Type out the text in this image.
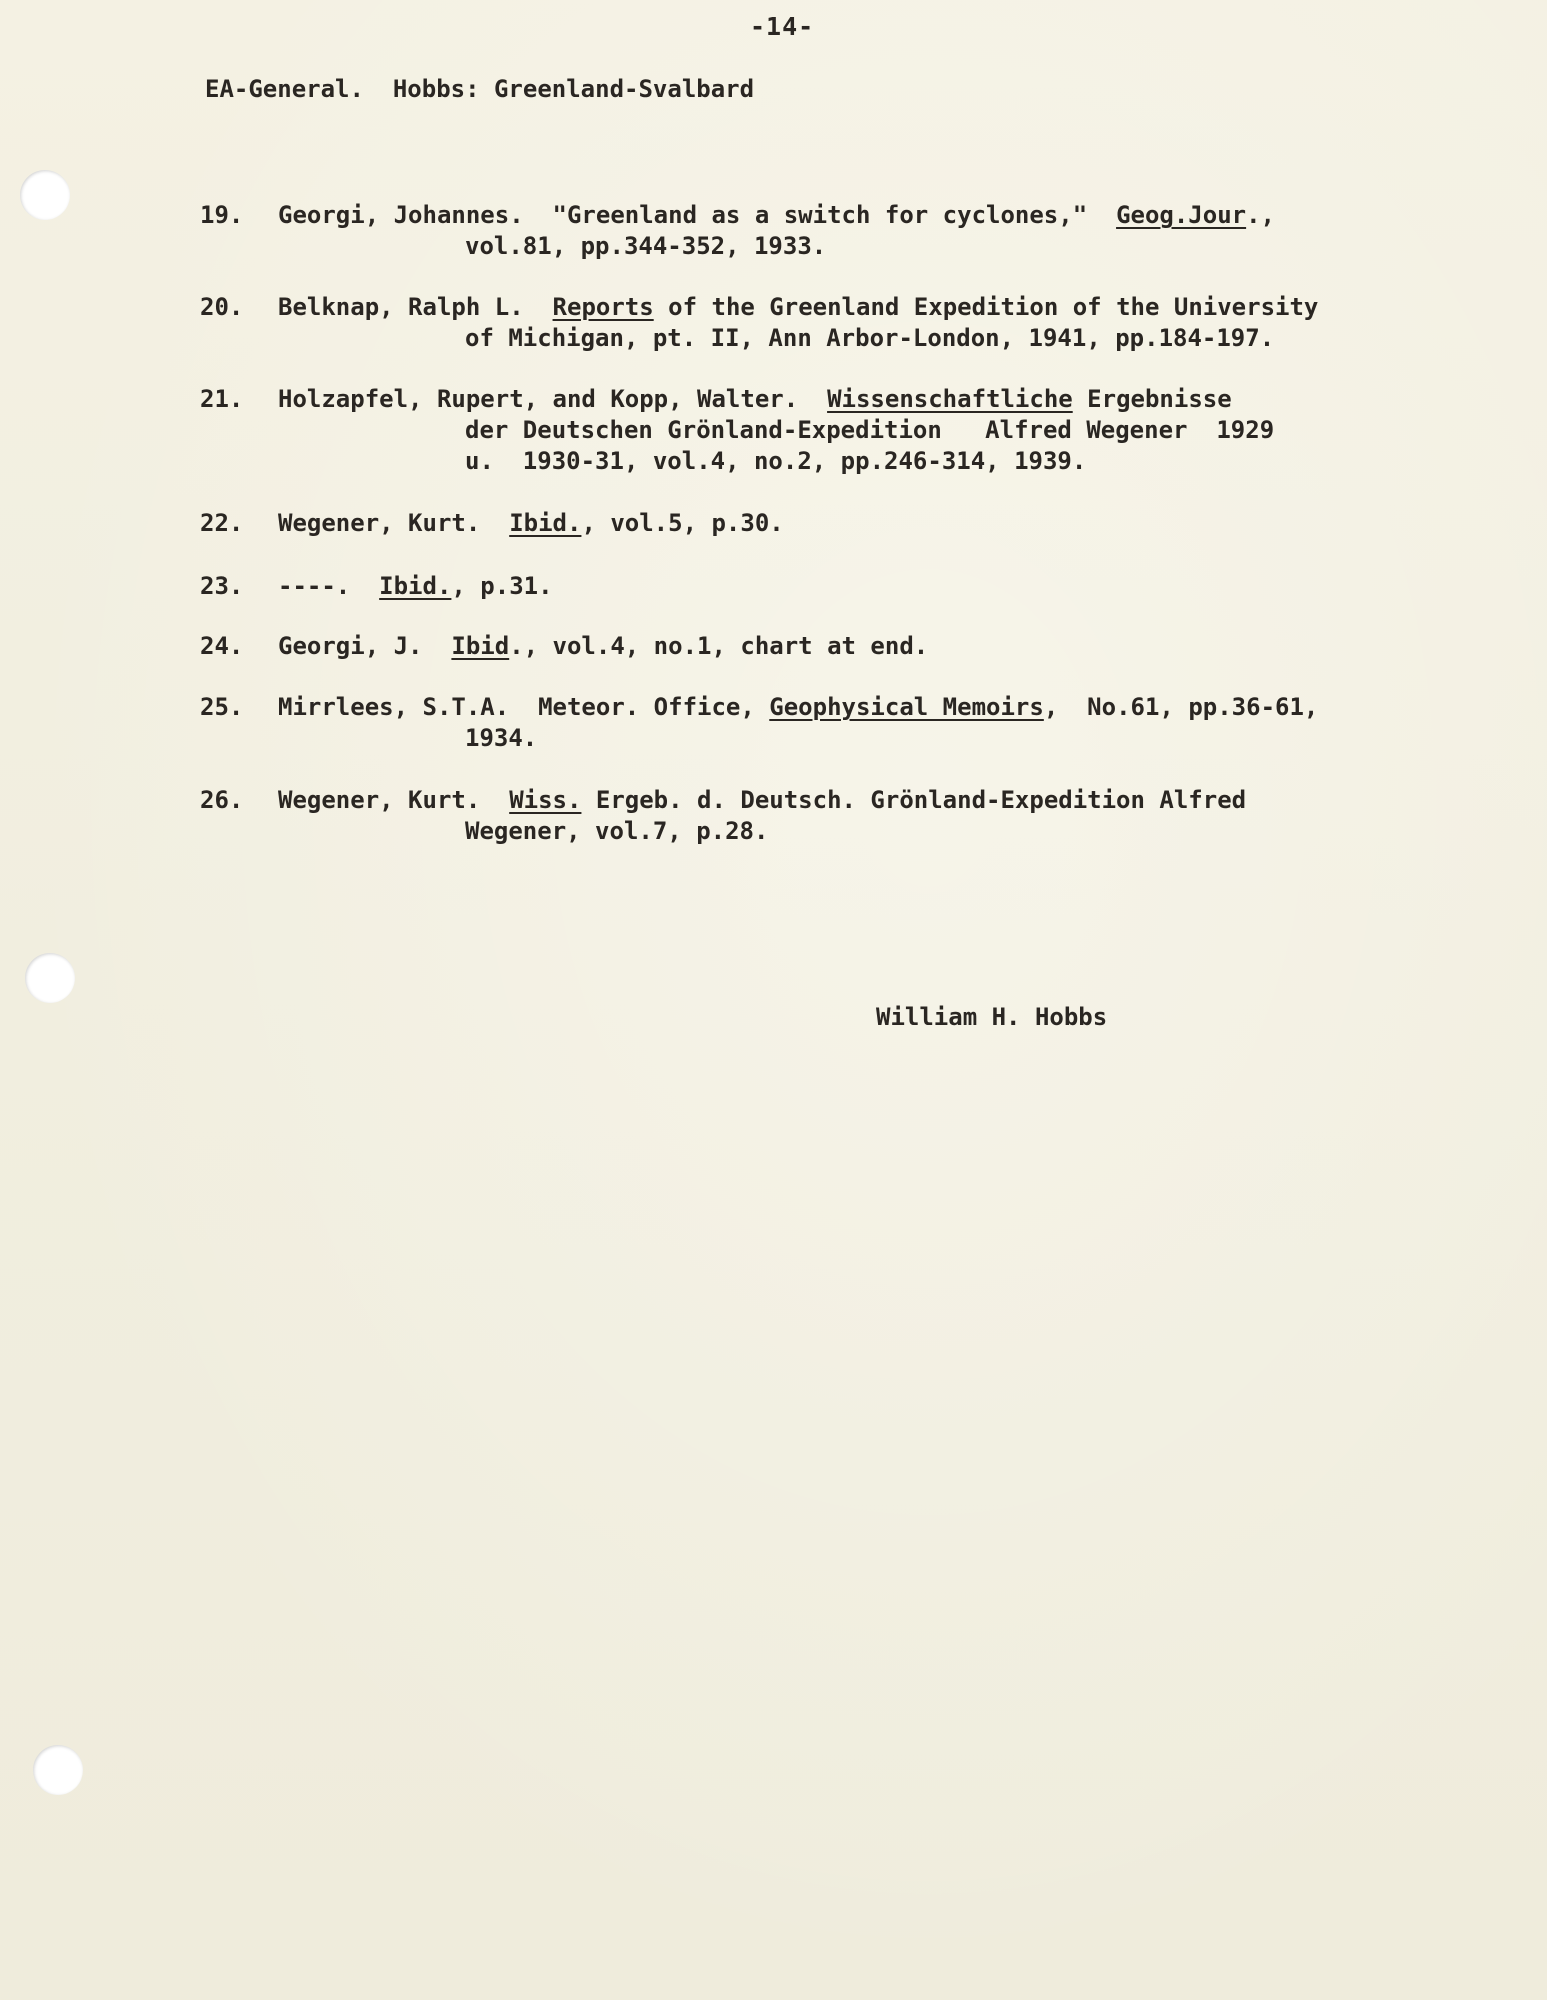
-14-
EA-General.  Hobbs: Greenland-Svalbard
19.	Georgi, Johannes.  "Greenland as a switch for cyclones,"  Geog.Jour.,
vol.81, pp.344-352, 1933.
20.	Belknap, Ralph L.  Reports of the Greenland Expedition of the University
of Michigan, pt. II, Ann Arbor-London, 1941, pp.184-197.
21.	Holzapfel, Rupert, and Kopp, Walter.  Wissenschaftliche Ergebnisse
der Deutschen Grönland-Expedition   Alfred Wegener  1929
u.  1930-31, vol.4, no.2, pp.246-314, 1939.
22.	Wegener, Kurt.  Ibid., vol.5, p.30.
23.	----.  Ibid., p.31.
24.	Georgi, J.  Ibid., vol.4, no.1, chart at end.
25.	Mirrlees, S.T.A.  Meteor. Office, Geophysical Memoirs,  No.61, pp.36-61,
1934.
26.	Wegener, Kurt.  Wiss. Ergeb. d. Deutsch. Grönland-Expedition Alfred
Wegener, vol.7, p.28.
William H. Hobbs
